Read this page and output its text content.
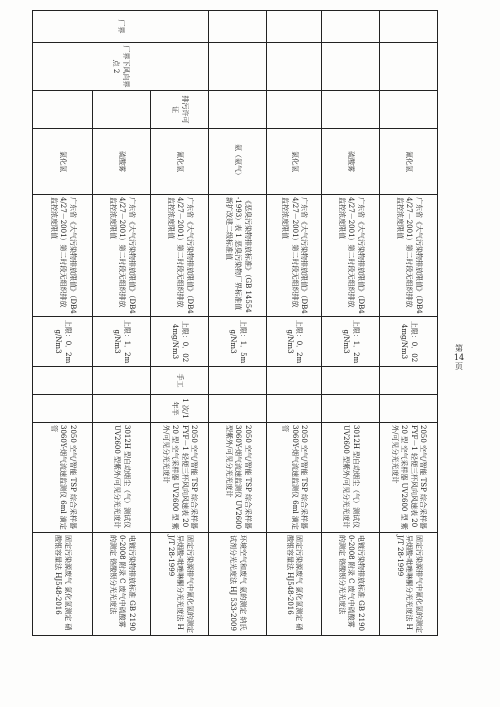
			氰化氢	广东省《大气污染物排放限值》（DB44/27－2001）第二时段无组织排放监控浓度限值	上限：0．024mg/Nm3			2050 空气/智能 TSP 综合采样器 FYF－1 轻便三杯风向风速表 2020 型 空气采样器 UV2600 型 紫外/可见分光光度计	固定污染源排气中氰化氢的测定 异烟酸-吡唑啉酮分光光度法 HJ/T 28-1999
			硫酸雾	广东省《大气污染物排放限值》（DB44/27－2001）第二时段无组织排放监控浓度限值	上限：1．2mg/Nm3			3012H 型自动烟尘（气）测试仪 UV2600 型紫外/可见分光光度计	电镀污染物排放标准 GB 21900-2008 附录 C 废气中硫酸雾的测定 铬酸钡分光光度法
			氯化氢	广东省《大气污染物排放限值》（DB44/27－2001）第二时段无组织排放监控浓度限值	上限：0．2mg/Nm3			2050 空气/智能 TSP 综合采样器 3060Y-烟气流速监测仪 6ml 滴定管	固定污染源废气 氯化氢测定 硝酸银容量法 HJ548-2016
			氨（氨气）	《恶臭污染物排放标准》（GB 14554-1993）表 1 恶臭污染物厂界标准值新扩改建二级标准值	上限：1．5mg/Nm3			2050 空气/智能 TSP 综合采样器 3060Y-烟气流速监测仪 UV2600 型紫外/可见分光光度计	环境空气和废气 氨的测定 纳氏试剂分光光度法 HJ 533-2009
厂界	厂界下风向界点 2	排污许可证	氰化氢	广东省《大气污染物排放限值》（DB44/27－2001）第二时段无组织排放监控浓度限值	上限：0．024mg/Nm3	手工	1 次/1 年半	2050 空气/智能 TSP 综合采样器 FYF－1 轻便三杯风向风速表 2020 型 空气采样器 UV2600 型 紫外/可见分光光度计	固定污染源排气中氰化氢的测定 异烟酸-吡唑啉酮分光光度法 HJ/T 28-1999
			硫酸雾	广东省《大气污染物排放限值》（DB44/27－2001）第二时段无组织排放监控浓度限值	上限：1．2mg/Nm3			3012H 型自动烟尘（气）测试仪 UV2600 型紫外/可见分光光度计	电镀污染物排放标准 GB 21900-2008 附录 C 废气中硫酸雾的测定 铬酸钡分光光度法
			氯化氢	广东省《大气污染物排放限值》（DB44/27－2001）第二时段无组织排放监控浓度限值	上限：0．2mg/Nm3			2050 空气/智能 TSP 综合采样器 3060Y-烟气流速监测仪 6ml 滴定管	固定污染源废气 氯化氢测定 硝酸银容量法 HJ548-2016
第
14
页
